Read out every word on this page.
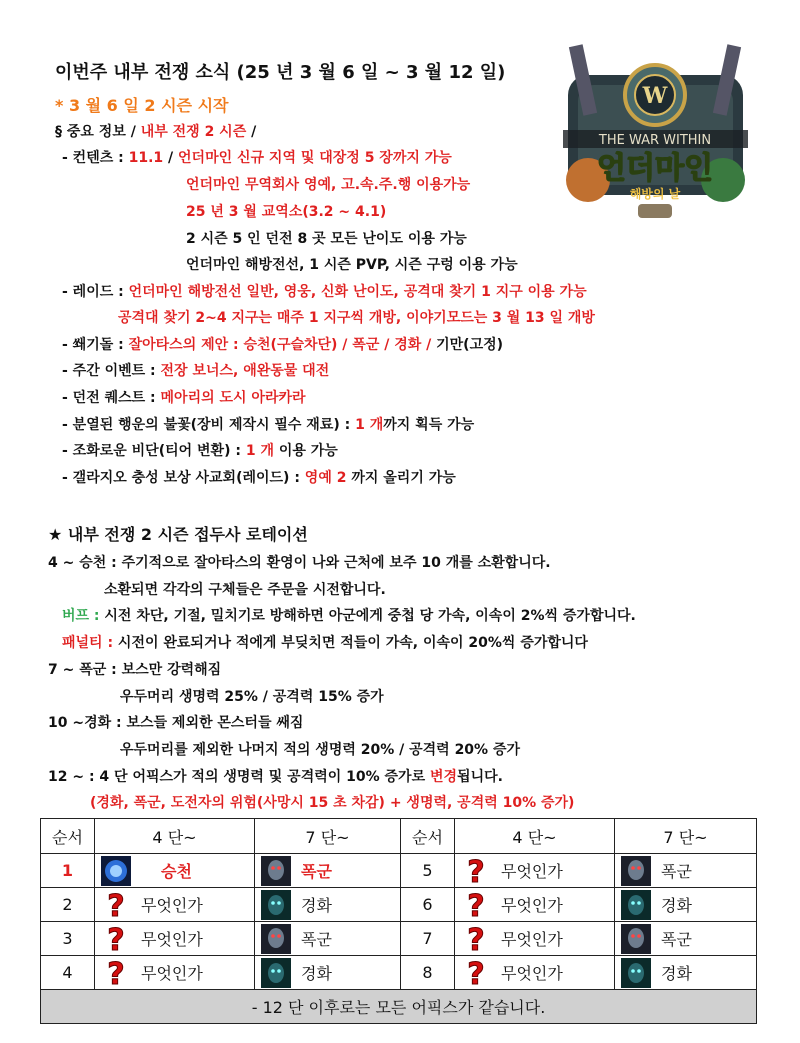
W
THE WAR WITHIN
언더마인
해방의 날
이번주 내부 전쟁 소식 (25 년 3 월 6 일 ~ 3 월 12 일)
* 3 월 6 일 2 시즌 시작
§ 중요 정보 / 내부 전쟁 2 시즌 /
- 컨텐츠 : 11.1 / 언더마인 신규 지역 및 대장정 5 장까지 가능
언더마인 무역회사 영예, 고.속.주.행 이용가능
25 년 3 월 교역소(3.2 ~ 4.1)
2 시즌 5 인 던전 8 곳 모든 난이도 이용 가능
언더마인 해방전선, 1 시즌 PVP, 시즌 구렁 이용 가능
- 레이드 : 언더마인 해방전선 일반, 영웅, 신화 난이도, 공격대 찾기 1 지구 이용 가능
공격대 찾기 2~4 지구는 매주 1 지구씩 개방, 이야기모드는 3 월 13 일 개방
- 쐐기돌 : 잘아타스의 제안 : 승천(구슬차단) / 폭군 / 경화 / 기만(고정)
- 주간 이벤트 : 전장 보너스, 애완동물 대전
- 던전 퀘스트 : 메아리의 도시 아라카라
- 분열된 행운의 불꽃(장비 제작시 필수 재료) : 1 개까지 획득 가능
- 조화로운 비단(티어 변환) : 1 개 이용 가능
- 갤라지오 충성 보상 사교회(레이드) : 영예 2 까지 올리기 가능
★ 내부 전쟁 2 시즌 접두사 로테이션
4 ~ 승천 : 주기적으로 잘아타스의 환영이 나와 근처에 보주 10 개를 소환합니다.
소환되면 각각의 구체들은 주문을 시전합니다.
버프 : 시전 차단, 기절, 밀치기로 방해하면 아군에게 중첩 당 가속, 이속이 2%씩 증가합니다.
패널티 : 시전이 완료되거나 적에게 부딪치면 적들이 가속, 이속이 20%씩 증가합니다
7 ~ 폭군 : 보스만 강력해짐
우두머리 생명력 25% / 공격력 15% 증가
10 ~경화 : 보스들 제외한 몬스터들 쌔짐
우두머리를 제외한 나머지 적의 생명력 20% / 공격력 20% 증가
12 ~ : 4 단 어픽스가 적의 생명력 및 공격력이 10% 증가로 변경됩니다.
(경화, 폭군, 도전자의 위험(사망시 15 초 차감) + 생명력, 공격력 10% 증가)
순서	4 단~	7 단~	순서	4 단~	7 단~
1	승천	폭군	5	? 무엇인가	폭군

2	? 무엇인가	경화	6	? 무엇인가	경화

3	? 무엇인가	폭군	7	? 무엇인가	폭군

4	? 무엇인가	경화	8	? 무엇인가	경화

- 12 단 이후로는 모든 어픽스가 같습니다.					
